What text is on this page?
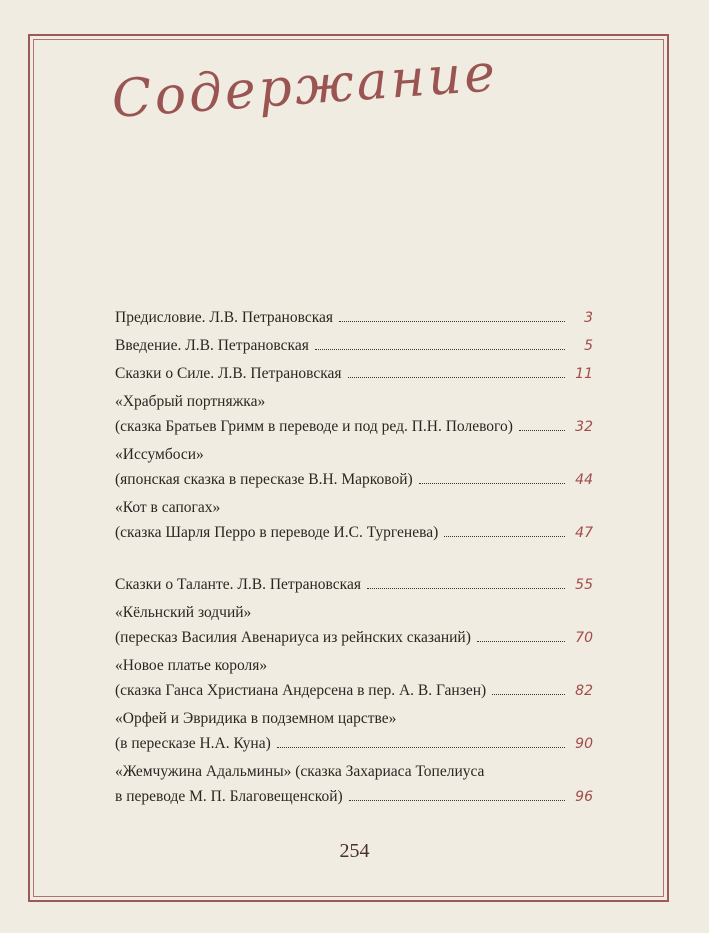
Содержание
Предисловие. Л.В. Петрановская	3
Введение. Л.В. Петрановская	5
Сказки о Силе. Л.В. Петрановская	11
«Храбрый портняжка»
(сказка Братьев Гримм в переводе и под ред. П.Н. Полевого)	32
«Иссумбоси»
(японская сказка в пересказе В.Н. Марковой)	44
«Кот в сапогах»
(сказка Шарля Перро в переводе И.С. Тургенева)	47
Сказки о Таланте. Л.В. Петрановская	55
«Кёльнский зодчий»
(пересказ Василия Авенариуса из рейнских сказаний)	70
«Новое платье короля»
(сказка Ганса Христиана Андерсена в пер. А. В. Ганзен)	82
«Орфей и Эвридика в подземном царстве»
(в пересказе Н.А. Куна)	90
«Жемчужина Адальмины» (сказка Захариаса Топелиуса
в переводе М. П. Благовещенской)	96
254
